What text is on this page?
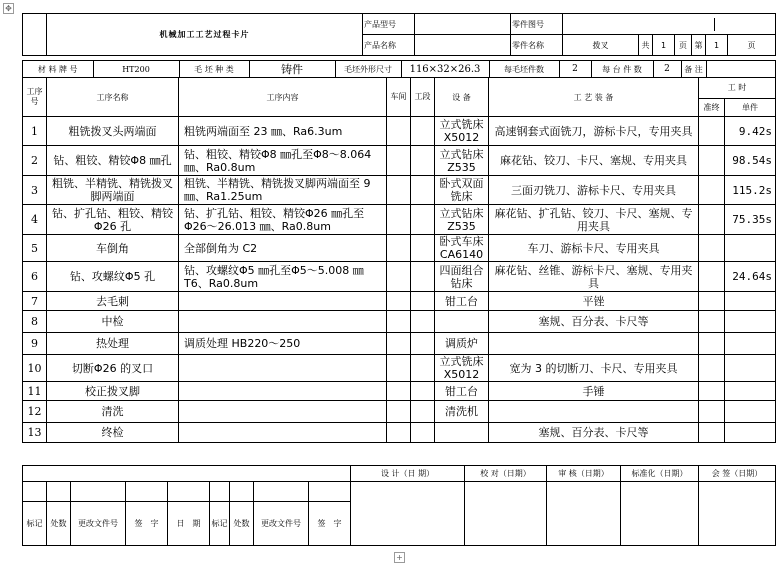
✥
	机械加工工艺过程卡片	产品型号		零件图号							
		产品名称		零件名称	拨叉	共	1	页	第	1	页
材 料 牌 号	HT200	毛 坯 种 类	铸件	毛坯外形尺寸	116×32×26.3	每毛坯件数	2	每 台 件 数	2	备 注	

工序号	工序名称	工序内容	车间	工段	设 备	工 艺 装 备	工 时
准终	单件
1	粗铣拨叉头两端面	粗铣两端面至 23 ㎜、Ra6.3um			立式铣床X5012	高速钢套式面铣刀，游标卡尺，专用夹具		9.42s
2	钻、粗铰、精铰Φ8 ㎜孔	钻、粗铰、精铰Φ8 ㎜孔至Φ8～8.064 ㎜、Ra0.8um			立式钻床Z535	麻花钻、铰刀、卡尺、塞规、专用夹具		98.54s
3	粗铣、半精铣、精铣拨叉脚两端面	粗铣、半精铣、精铣拨叉脚两端面至 9 ㎜、Ra1.25um			卧式双面铣床	三面刃铣刀、游标卡尺、专用夹具		115.2s
4	钻、扩孔钻、粗铰、精铰Φ26 孔	钻、扩孔钻、粗铰、精铰Φ26 ㎜孔至Φ26～26.013 ㎜、Ra0.8um			立式钻床Z535	麻花钻、扩孔钻、铰刀、卡尺、塞规、专用夹具		75.35s
5	车倒角	全部倒角为 C2			卧式车床CA6140	车刀、游标卡尺、专用夹具		
6	钻、攻螺纹Φ5 孔	钻、攻螺纹Φ5 ㎜孔至Φ5～5.008 ㎜ T6、Ra0.8um			四面组合钻床	麻花钻、丝锥、游标卡尺、塞规、专用夹具		24.64s
7	去毛刺				钳工台	平锉		
8	中检					塞规、百分表、卡尺等		
9	热处理	调质处理 HB220～250			调质炉			
10	切断Φ26 的叉口				立式铣床X5012	宽为 3 的切断刀、卡尺、专用夹具		
11	校正拨叉脚				钳工台	手锤		
12	清洗				清洗机			
13	终检					塞规、百分表、卡尺等		
									设 计（日 期）	校 对（日期）	审 核（日期）	标准化（日期）	会 签（日期）

标记	处数	更改文件号	签　字	日　期	标记	处数	更改文件号	签　字					
+
